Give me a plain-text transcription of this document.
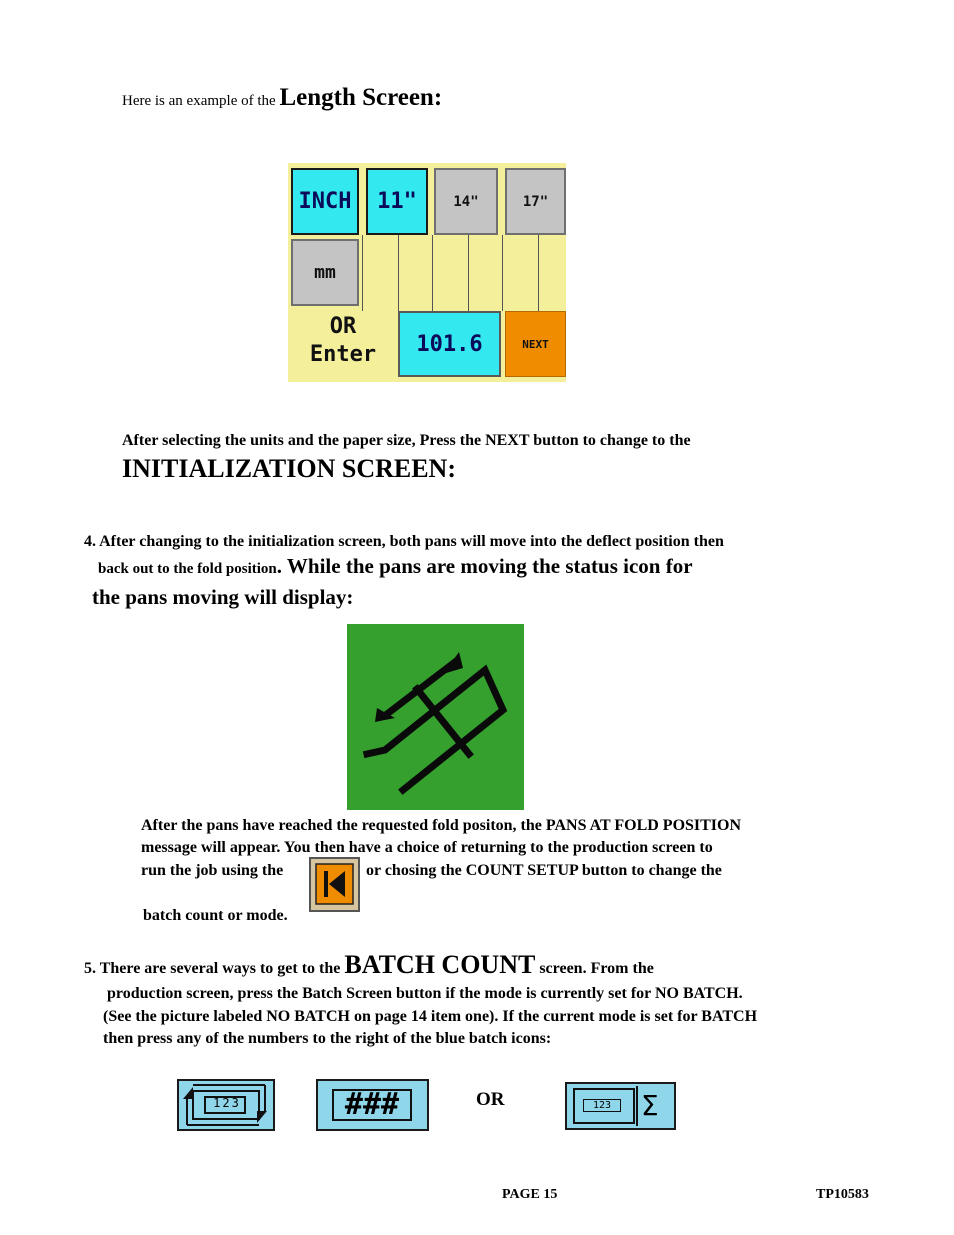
Here is an example of the Length Screen:
INCH 11"	14"	17"
mm
OR
Enter	101.6	NEXT
After selecting the units and the paper size, Press the NEXT button to change to the
INITIALIZATION SCREEN:
4. After changing to the initialization screen, both pans will move into the deflect position then
back out to the fold position. While the pans are moving the status icon for
the pans moving will display:
After the pans have reached the requested fold positon, the PANS AT FOLD POSITION
message will appear. You then have a choice of returning to the production screen to
run the job using the	or chosing the COUNT SETUP button to change the
batch count or mode.
5. There are several ways to get to the BATCH COUNT screen. From the
production screen, press the Batch Screen button if the mode is currently set for NO BATCH.
(See the picture labeled NO BATCH on page 14 item one). If the current mode is set for BATCH
then press any of the numbers to the right of the blue batch icons:
123	###	OR	123	Σ
PAGE 15	TP10583
